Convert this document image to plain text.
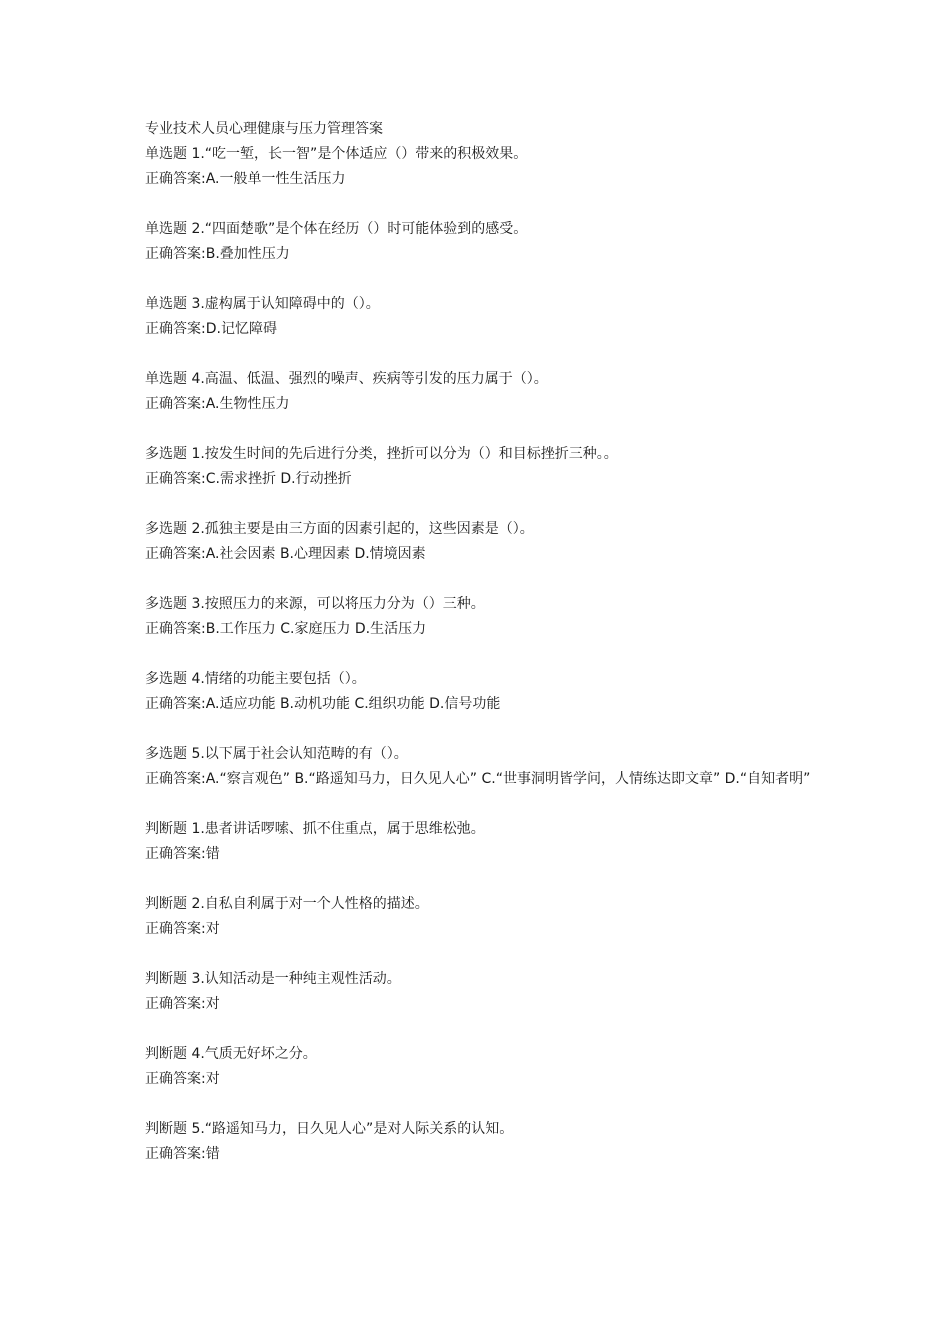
专业技术人员心理健康与压力管理答案

单选题 1.“吃一堑，长一智”是个体适应（）带来的积极效果。

正确答案:A.一般单一性生活压力

单选题 2.“四面楚歌”是个体在经历（）时可能体验到的感受。

正确答案:B.叠加性压力

单选题 3.虚构属于认知障碍中的（）。

正确答案:D.记忆障碍

单选题 4.高温、低温、强烈的噪声、疾病等引发的压力属于（）。

正确答案:A.生物性压力

多选题 1.按发生时间的先后进行分类，挫折可以分为（）和目标挫折三种。。

正确答案:C.需求挫折 D.行动挫折

多选题 2.孤独主要是由三方面的因素引起的，这些因素是（）。

正确答案:A.社会因素 B.心理因素 D.情境因素

多选题 3.按照压力的来源，可以将压力分为（）三种。

正确答案:B.工作压力 C.家庭压力 D.生活压力

多选题 4.情绪的功能主要包括（）。

正确答案:A.适应功能 B.动机功能 C.组织功能 D.信号功能

多选题 5.以下属于社会认知范畴的有（）。

正确答案:A.“察言观色” B.“路遥知马力，日久见人心” C.“世事洞明皆学问，人情练达即文章” D.“自知者明”

判断题 1.患者讲话啰嗦、抓不住重点，属于思维松弛。

正确答案:错

判断题 2.自私自利属于对一个人性格的描述。

正确答案:对

判断题 3.认知活动是一种纯主观性活动。

正确答案:对

判断题 4.气质无好坏之分。

正确答案:对

判断题 5.“路遥知马力，日久见人心”是对人际关系的认知。

正确答案:错
